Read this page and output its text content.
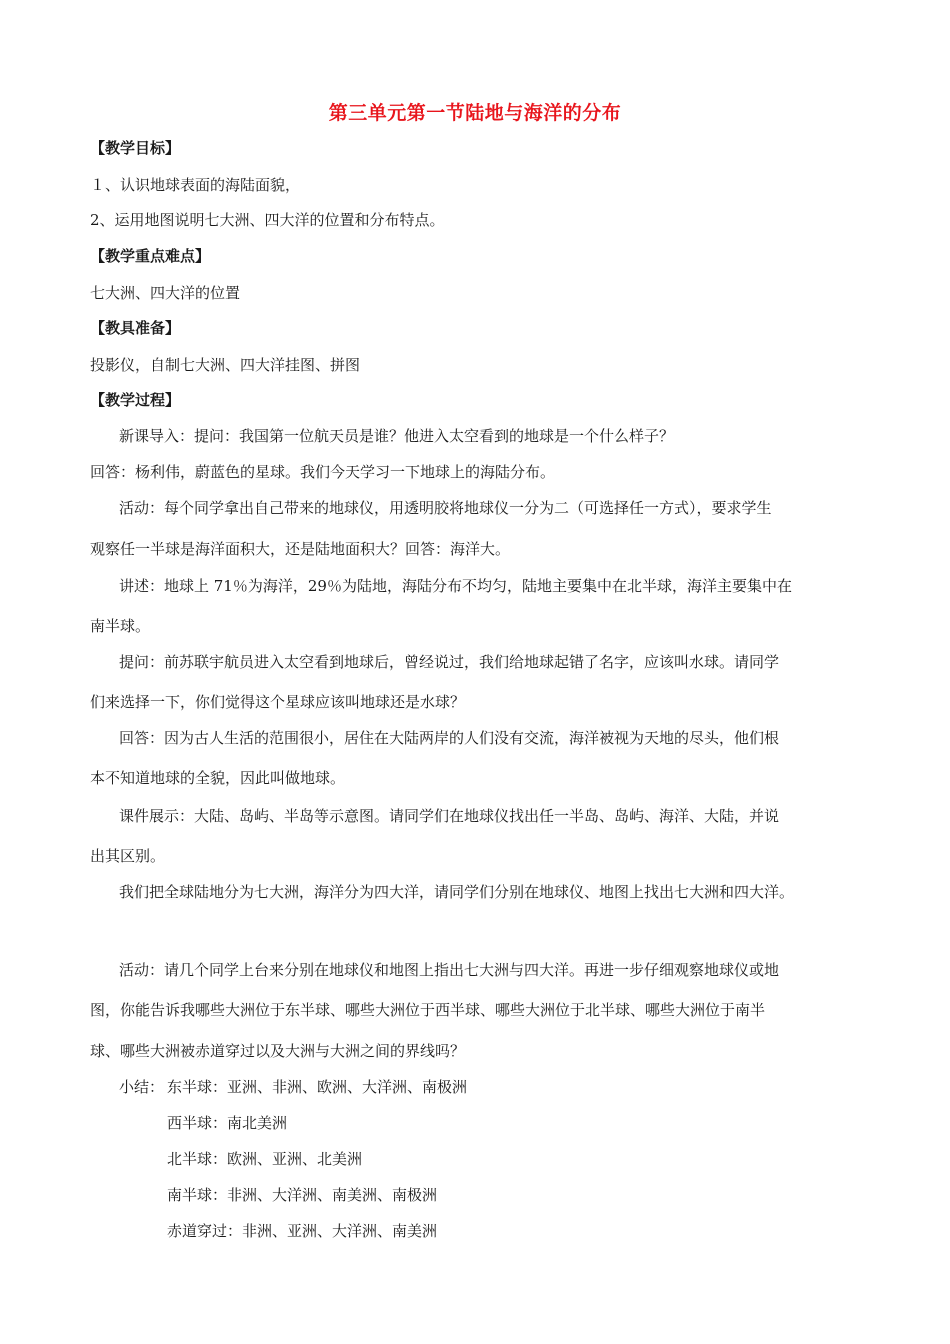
第三单元第一节陆地与海洋的分布
【教学目标】
１、认识地球表面的海陆面貌，
2、运用地图说明七大洲、四大洋的位置和分布特点。
【教学重点难点】
七大洲、四大洋的位置
【教具准备】
投影仪，自制七大洲、四大洋挂图、拼图
【教学过程】
新课导入：提问：我国第一位航天员是谁？他进入太空看到的地球是一个什么样子？
回答：杨利伟，蔚蓝色的星球。我们今天学习一下地球上的海陆分布。
活动：每个同学拿出自己带来的地球仪，用透明胶将地球仪一分为二（可选择任一方式），要求学生
观察任一半球是海洋面积大，还是陆地面积大？回答：海洋大。
讲述：地球上 71％为海洋，29％为陆地，海陆分布不均匀，陆地主要集中在北半球，海洋主要集中在
南半球。
提问：前苏联宇航员进入太空看到地球后，曾经说过，我们给地球起错了名字，应该叫水球。请同学
们来选择一下，你们觉得这个星球应该叫地球还是水球？
回答：因为古人生活的范围很小，居住在大陆两岸的人们没有交流，海洋被视为天地的尽头，他们根
本不知道地球的全貌，因此叫做地球。
课件展示：大陆、岛屿、半岛等示意图。请同学们在地球仪找出任一半岛、岛屿、海洋、大陆，并说
出其区别。
我们把全球陆地分为七大洲，海洋分为四大洋，请同学们分别在地球仪、地图上找出七大洲和四大洋。
活动：请几个同学上台来分别在地球仪和地图上指出七大洲与四大洋。再进一步仔细观察地球仪或地
图，你能告诉我哪些大洲位于东半球、哪些大洲位于西半球、哪些大洲位于北半球、哪些大洲位于南半
球、哪些大洲被赤道穿过以及大洲与大洲之间的界线吗？
小结： 东半球：亚洲、非洲、欧洲、大洋洲、南极洲
西半球：南北美洲
北半球：欧洲、亚洲、北美洲
南半球：非洲、大洋洲、南美洲、南极洲
赤道穿过：非洲、亚洲、大洋洲、南美洲
